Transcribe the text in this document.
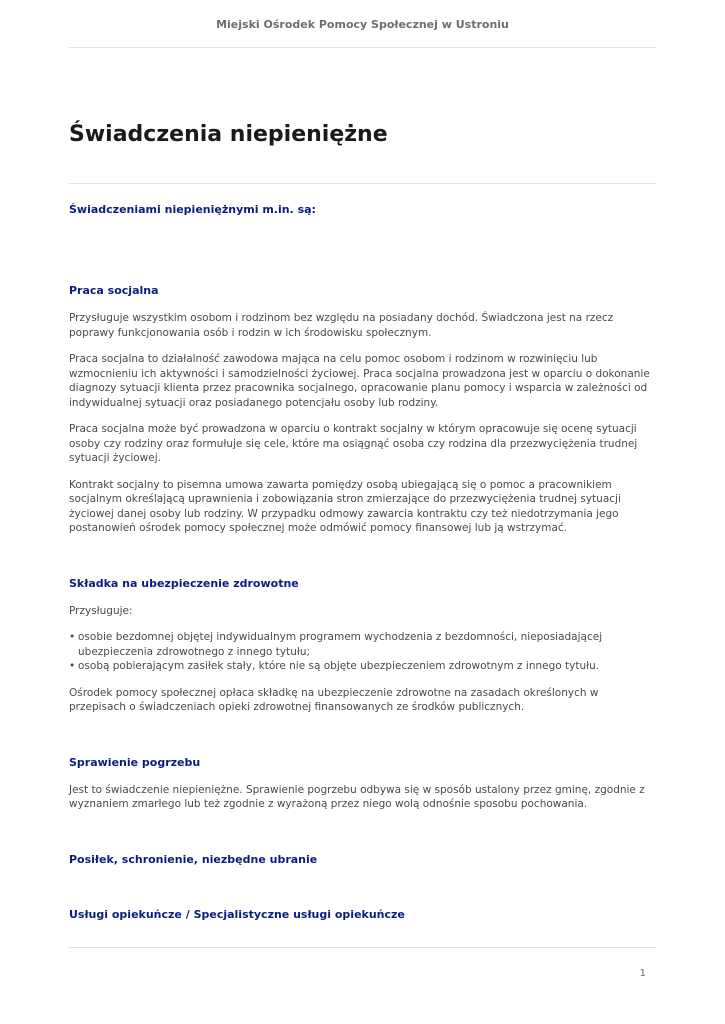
Miejski Ośrodek Pomocy Społecznej w Ustroniu
Świadczenia niepieniężne
Świadczeniami niepieniężnymi m.in. są:
Praca socjalna

Przysługuje wszystkim osobom i rodzinom bez względu na posiadany dochód. Świadczona jest na rzecz poprawy funkcjonowania osób i rodzin w ich środowisku społecznym.

Praca socjalna to działalność zawodowa mająca na celu pomoc osobom i rodzinom w rozwinięciu lub wzmocnieniu ich aktywności i samodzielności życiowej. Praca socjalna prowadzona jest w oparciu o dokonanie diagnozy sytuacji klienta przez pracownika socjalnego, opracowanie planu pomocy i wsparcia w zależności od indywidualnej sytuacji oraz posiadanego potencjału osoby lub rodziny.

Praca socjalna może być prowadzona w oparciu o kontrakt socjalny w którym opracowuje się ocenę sytuacji osoby czy rodziny oraz formułuje się cele, które ma osiągnąć osoba czy rodzina dla przezwyciężenia trudnej sytuacji życiowej.

Kontrakt socjalny to pisemna umowa zawarta pomiędzy osobą ubiegającą się o pomoc a pracownikiem socjalnym określającą uprawnienia i zobowiązania stron zmierzające do przezwyciężenia trudnej sytuacji życiowej danej osoby lub rodziny. W przypadku odmowy zawarcia kontraktu czy też niedotrzymania jego postanowień ośrodek pomocy społecznej może odmówić pomocy finansowej lub ją wstrzymać.

Składka na ubezpieczenie zdrowotne

Przysługuje:

• osobie bezdomnej objętej indywidualnym programem wychodzenia z bezdomności, nieposiadającej ubezpieczenia zdrowotnego z innego tytułu;
• osobą pobierającym zasiłek stały, które nie są objęte ubezpieczeniem zdrowotnym z innego tytułu.

Ośrodek pomocy społecznej opłaca składkę na ubezpieczenie zdrowotne na zasadach określonych w przepisach o świadczeniach opieki zdrowotnej finansowanych ze środków publicznych.

Sprawienie pogrzebu

Jest to świadczenie niepieniężne. Sprawienie pogrzebu odbywa się w sposób ustalony przez gminę, zgodnie z wyznaniem zmarłego lub też zgodnie z wyrażoną przez niego wolą odnośnie sposobu pochowania.

Posiłek, schronienie, niezbędne ubranie
Usługi opiekuńcze / Specjalistyczne usługi opiekuńcze
1
